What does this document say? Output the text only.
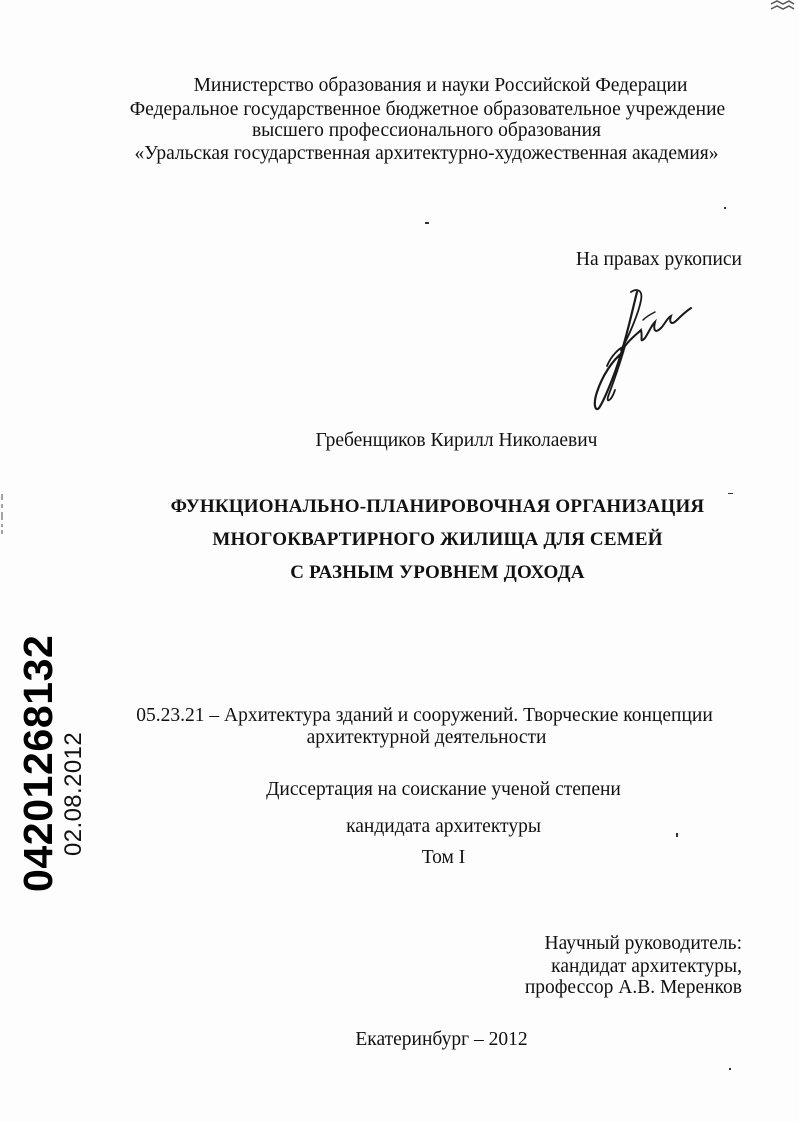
Министерство образования и науки Российской Федерации
Федеральное государственное бюджетное образовательное учреждение
высшего профессионального образования
«Уральская государственная архитектурно-художественная академия»
На правах рукописи
Гребенщиков Кирилл Николаевич
ФУНКЦИОНАЛЬНО-ПЛАНИРОВОЧНАЯ ОРГАНИЗАЦИЯ
МНОГОКВАРТИРНОГО ЖИЛИЩА ДЛЯ СЕМЕЙ
С РАЗНЫМ УРОВНЕМ ДОХОДА
05.23.21 – Архитектура зданий и сооружений. Творческие концепции
архитектурной деятельности
Диссертация на соискание ученой степени
кандидата архитектуры
Том I
Научный руководитель:
кандидат архитектуры,
профессор А.В. Меренков
Екатеринбург – 2012
04201268132 02.08.2012
